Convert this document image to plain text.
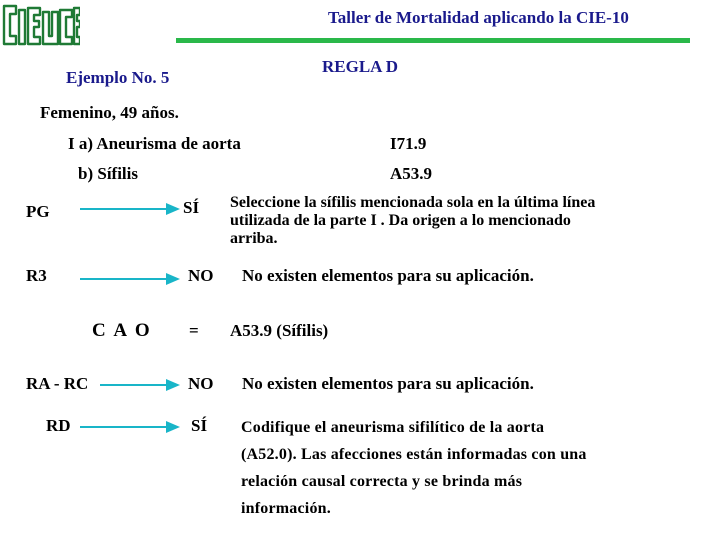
CIEUCE
Taller de Mortalidad aplicando la CIE-10
REGLA D
Ejemplo No. 5
Femenino, 49 años.
I a) Aneurisma de aorta	I71.9
b) Sífilis	A53.9
PG	SÍ Seleccione la sífilis mencionada sola en la última línea
utilizada de la parte I . Da origen a lo mencionado
arriba.
R3	NO No existen elementos para su aplicación.
C A O = A53.9 (Sífilis)
RA - RC	NO No existen elementos para su aplicación.
RD	SÍ Codifique el aneurisma sifilítico de la aorta
(A52.0). Las afecciones están informadas con una
relación causal correcta y se brinda más
información.
